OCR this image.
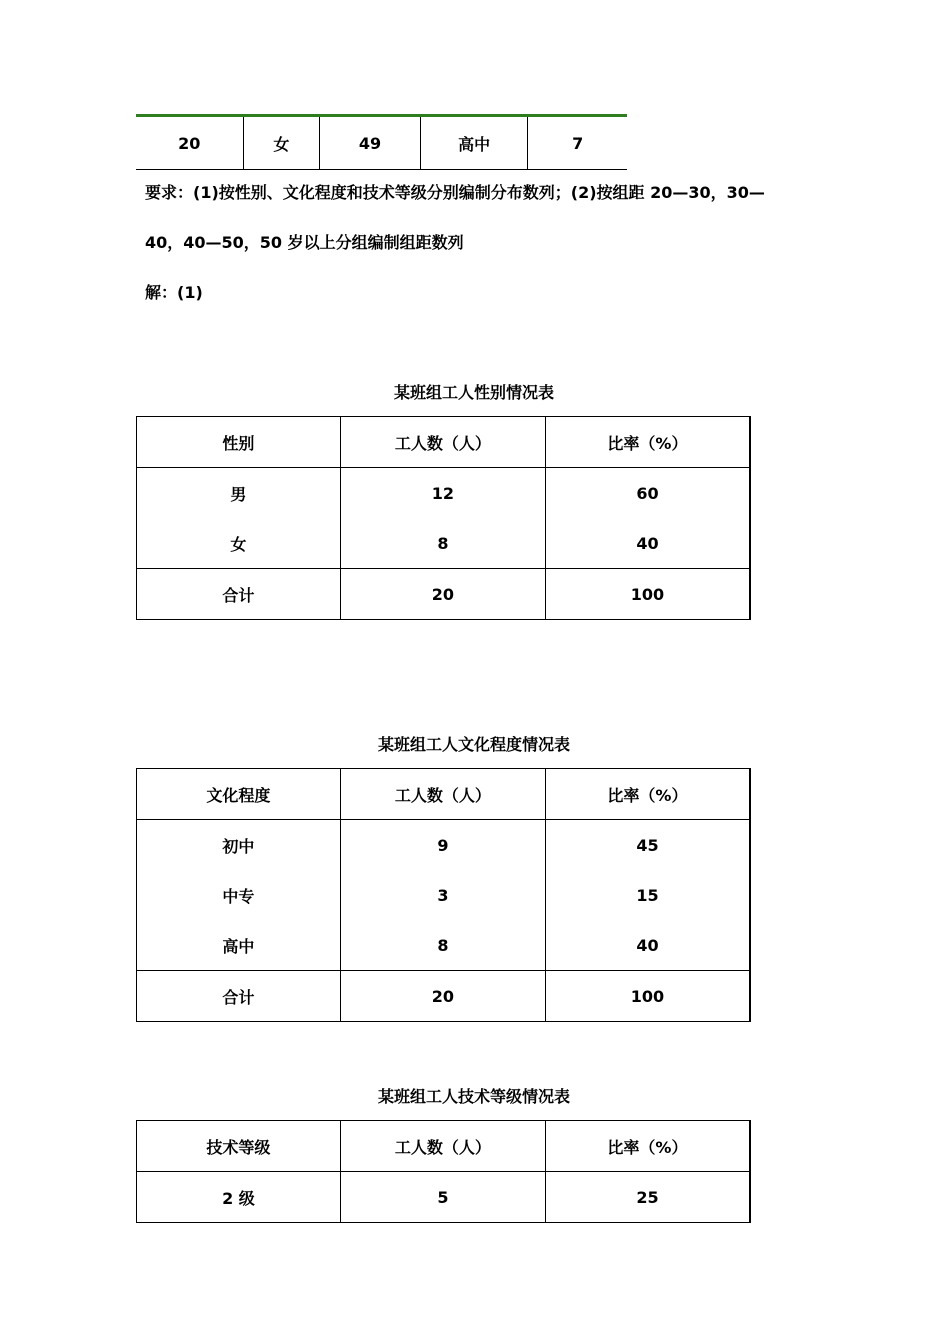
20	女	49	高中	7
要求：(1)按性别、文化程度和技术等级分别编制分布数列；(2)按组距 20—30，30—
40，40—50，50 岁以上分组编制组距数列
解：(1)
某班组工人性别情况表
性别	工人数（人）	比率（%）
男	12	60
女	8	40
合计	20	100
某班组工人文化程度情况表
文化程度	工人数（人）	比率（%）
初中	9	45
中专	3	15
高中	8	40
合计	20	100
某班组工人技术等级情况表
技术等级	工人数（人）	比率（%）
2 级	5	25
